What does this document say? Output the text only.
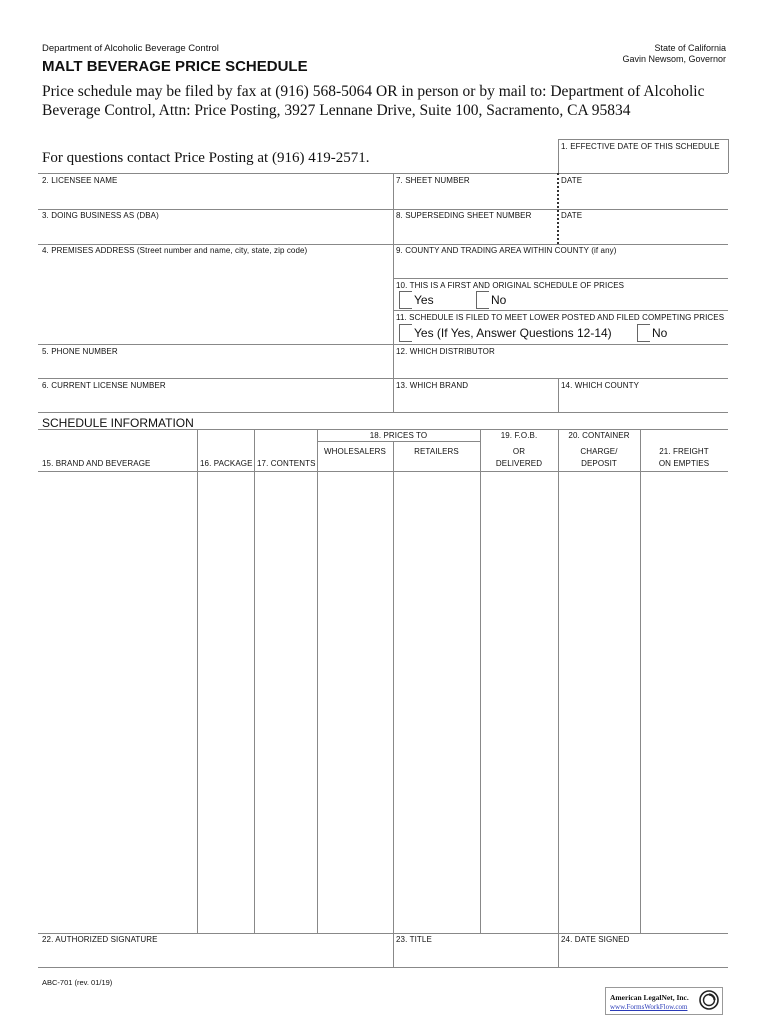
Department of Alcoholic Beverage Control	State of California
Gavin Newsom, Governor
MALT BEVERAGE PRICE SCHEDULE
Price schedule may be filed by fax at (916) 568-5064 OR in person or by mail to: Department of Alcoholic Beverage Control, Attn: Price Posting, 3927 Lennane Drive, Suite 100, Sacramento, CA 95834
For questions contact Price Posting at (916) 419-2571.
1. EFFECTIVE DATE OF THIS SCHEDULE
2. LICENSEE NAME	7. SHEET NUMBER	DATE
3. DOING BUSINESS AS (DBA)	8. SUPERSEDING SHEET NUMBER	DATE
4. PREMISES ADDRESS (Street number and name, city, state, zip code)	9. COUNTY AND TRADING AREA WITHIN COUNTY (if any)
10. THIS IS A FIRST AND ORIGINAL SCHEDULE OF PRICES
Yes	No
11. SCHEDULE IS FILED TO MEET LOWER POSTED AND FILED COMPETING PRICES
Yes (If Yes, Answer Questions 12-14)	No
5. PHONE NUMBER	12. WHICH DISTRIBUTOR
6. CURRENT LICENSE NUMBER	13. WHICH BRAND	14. WHICH COUNTY
SCHEDULE INFORMATION
15. BRAND AND BEVERAGE	16. PACKAGE 17. CONTENTS
18. PRICES TO
WHOLESALERS	RETAILERS
19. F.O.B.
OR
DELIVERED
20. CONTAINER
CHARGE/
DEPOSIT
21. FREIGHT
ON EMPTIES
22. AUTHORIZED SIGNATURE	23. TITLE	24. DATE SIGNED
ABC-701 (rev. 01/19)
American LegalNet, Inc.
www.FormsWorkFlow.com
